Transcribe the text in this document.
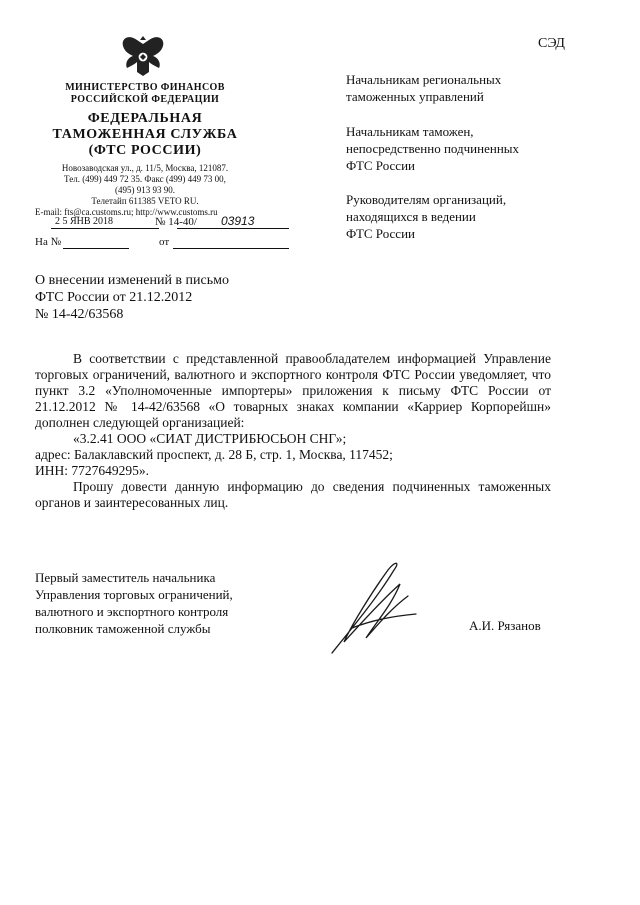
СЭД
МИНИСТЕРСТВО ФИНАНСОВ
РОССИЙСКОЙ ФЕДЕРАЦИИ
ФЕДЕРАЛЬНАЯ
ТАМОЖЕННАЯ СЛУЖБА
(ФТС РОССИИ)
Новозаводская ул., д. 11/5, Москва, 121087.
Тел. (499) 449 72 35. Факс (499) 449 73 00,
(495) 913 93 90.
Телетайп 611385 VETO RU.
E-mail: fts@ca.customs.ru; http://www.customs.ru
2 5 ЯНВ 2018	№ 14-40/ 03913
На №	от
Начальникам региональных
таможенных управлений
Начальникам таможен,
непосредственно подчиненных
ФТС России
Руководителям организаций,
находящихся в ведении
ФТС России
О внесении изменений в письмо
ФТС России от 21.12.2012
№ 14-42/63568

В соответствии с представленной правообладателем информацией Управление торговых ограничений, валютного и экспортного контроля ФТС России уведомляет, что пункт 3.2 «Уполномоченные импортеры» приложения к письму ФТС России от 21.12.2012 № 14-42/63568 «О товарных знаках компании «Карриер Корпорейшн» дополнен следующей организацией:

«3.2.41 ООО «СИАТ ДИСТРИБЮСЬОН СНГ»;

адрес: Балаклавский проспект, д. 28 Б, стр. 1, Москва, 117452;

ИНН: 7727649295».

Прошу довести данную информацию до сведения подчиненных таможенных органов и заинтересованных лиц.

Первый заместитель начальника
Управления торговых ограничений,
валютного и экспортного контроля
полковник таможенной службы	А.И. Рязанов
